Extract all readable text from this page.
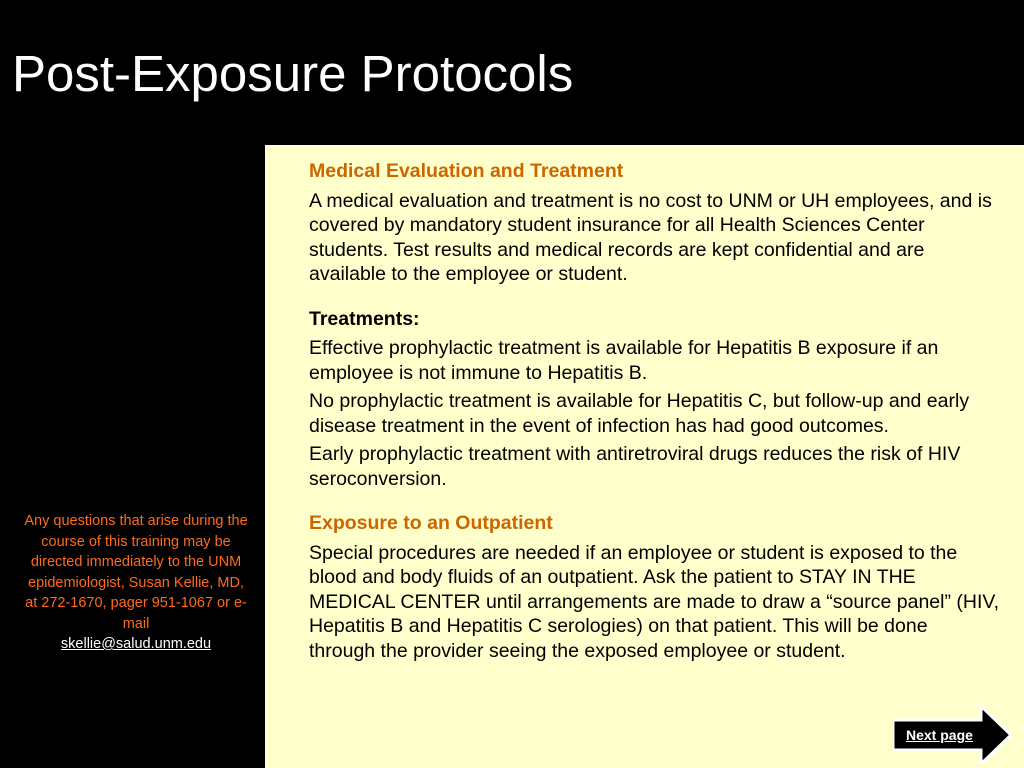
Post-Exposure Protocols
Any questions that arise during the course of this training may be directed immediately to the UNM epidemiologist, Susan Kellie, MD, at 272-1670, pager 951-1067 or e-mail
skellie@salud.unm.edu
Medical Evaluation and Treatment

A medical evaluation and treatment is no cost to UNM or UH employees, and is covered by mandatory student insurance for all Health Sciences Center students. Test results and medical records are kept confidential and are available to the employee or student.

Treatments:

Effective prophylactic treatment is available for Hepatitis B exposure if an employee is not immune to Hepatitis B.

No prophylactic treatment is available for Hepatitis C, but follow-up and early disease treatment in the event of infection has had good outcomes.

Early prophylactic treatment with antiretroviral drugs reduces the risk of HIV seroconversion.

Exposure to an Outpatient

Special procedures are needed if an employee or student is exposed to the blood and body fluids of an outpatient. Ask the patient to STAY IN THE MEDICAL CENTER until arrangements are made to draw a “source panel” (HIV, Hepatitis B and Hepatitis C serologies) on that patient. This will be done through the provider seeing the exposed employee or student.

Next page
